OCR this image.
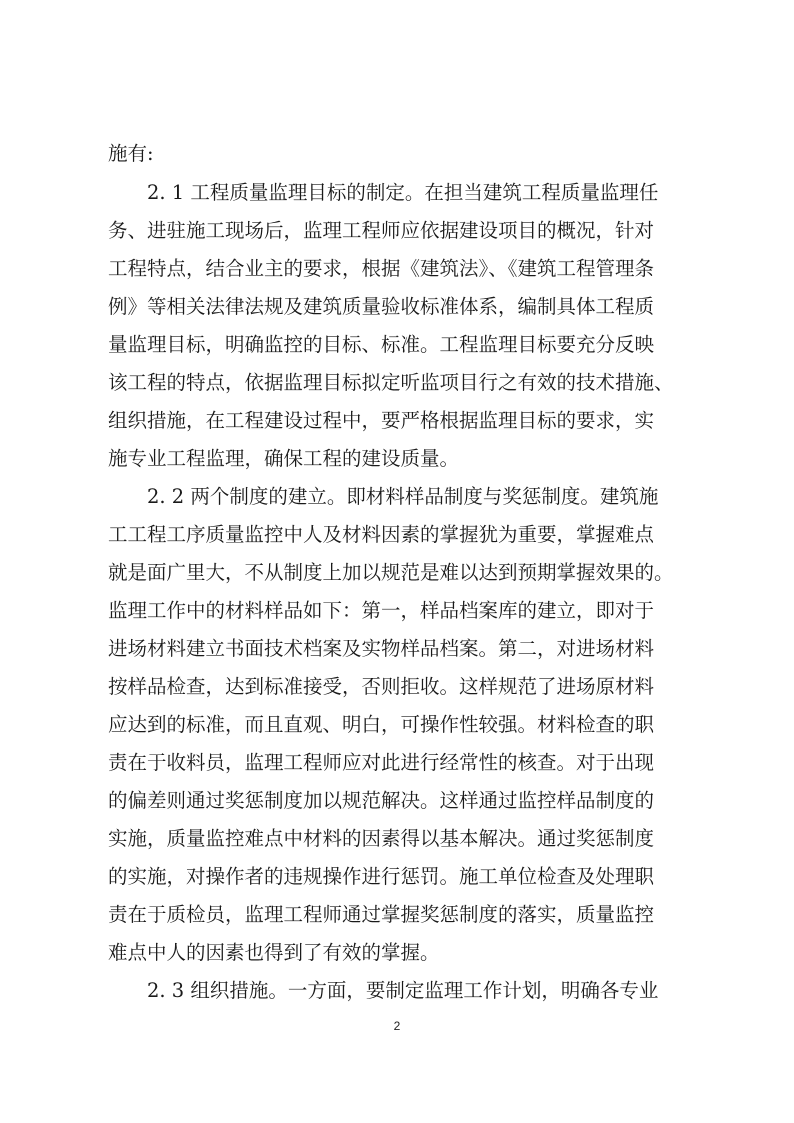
施有:
2. 1 工程质量监理目标的制定。在担当建筑工程质量监理任
务、进驻施工现场后，监理工程师应依据建设项目的概况，针对
工程特点，结合业主的要求，根据《建筑法》、《建筑工程管理条
例》等相关法律法规及建筑质量验收标准体系，编制具体工程质
量监理目标，明确监控的目标、标准。工程监理目标要充分反映
该工程的特点，依据监理目标拟定听监项目行之有效的技术措施、
组织措施，在工程建设过程中，要严格根据监理目标的要求，实
施专业工程监理，确保工程的建设质量。
2. 2 两个制度的建立。即材料样品制度与奖惩制度。建筑施
工工程工序质量监控中人及材料因素的掌握犹为重要，掌握难点
就是面广里大，不从制度上加以规范是难以达到预期掌握效果的。
监理工作中的材料样品如下：第一，样品档案库的建立，即对于
进场材料建立书面技术档案及实物样品档案。第二，对进场材料
按样品检查，达到标准接受，否则拒收。这样规范了进场原材料
应达到的标准，而且直观、明白，可操作性较强。材料检查的职
责在于收料员，监理工程师应对此进行经常性的核查。对于出现
的偏差则通过奖惩制度加以规范解决。这样通过监控样品制度的
实施，质量监控难点中材料的因素得以基本解决。通过奖惩制度
的实施，对操作者的违规操作进行惩罚。施工单位检查及处理职
责在于质检员，监理工程师通过掌握奖惩制度的落实，质量监控
难点中人的因素也得到了有效的掌握。
2. 3 组织措施。一方面，要制定监理工作计划，明确各专业
2
